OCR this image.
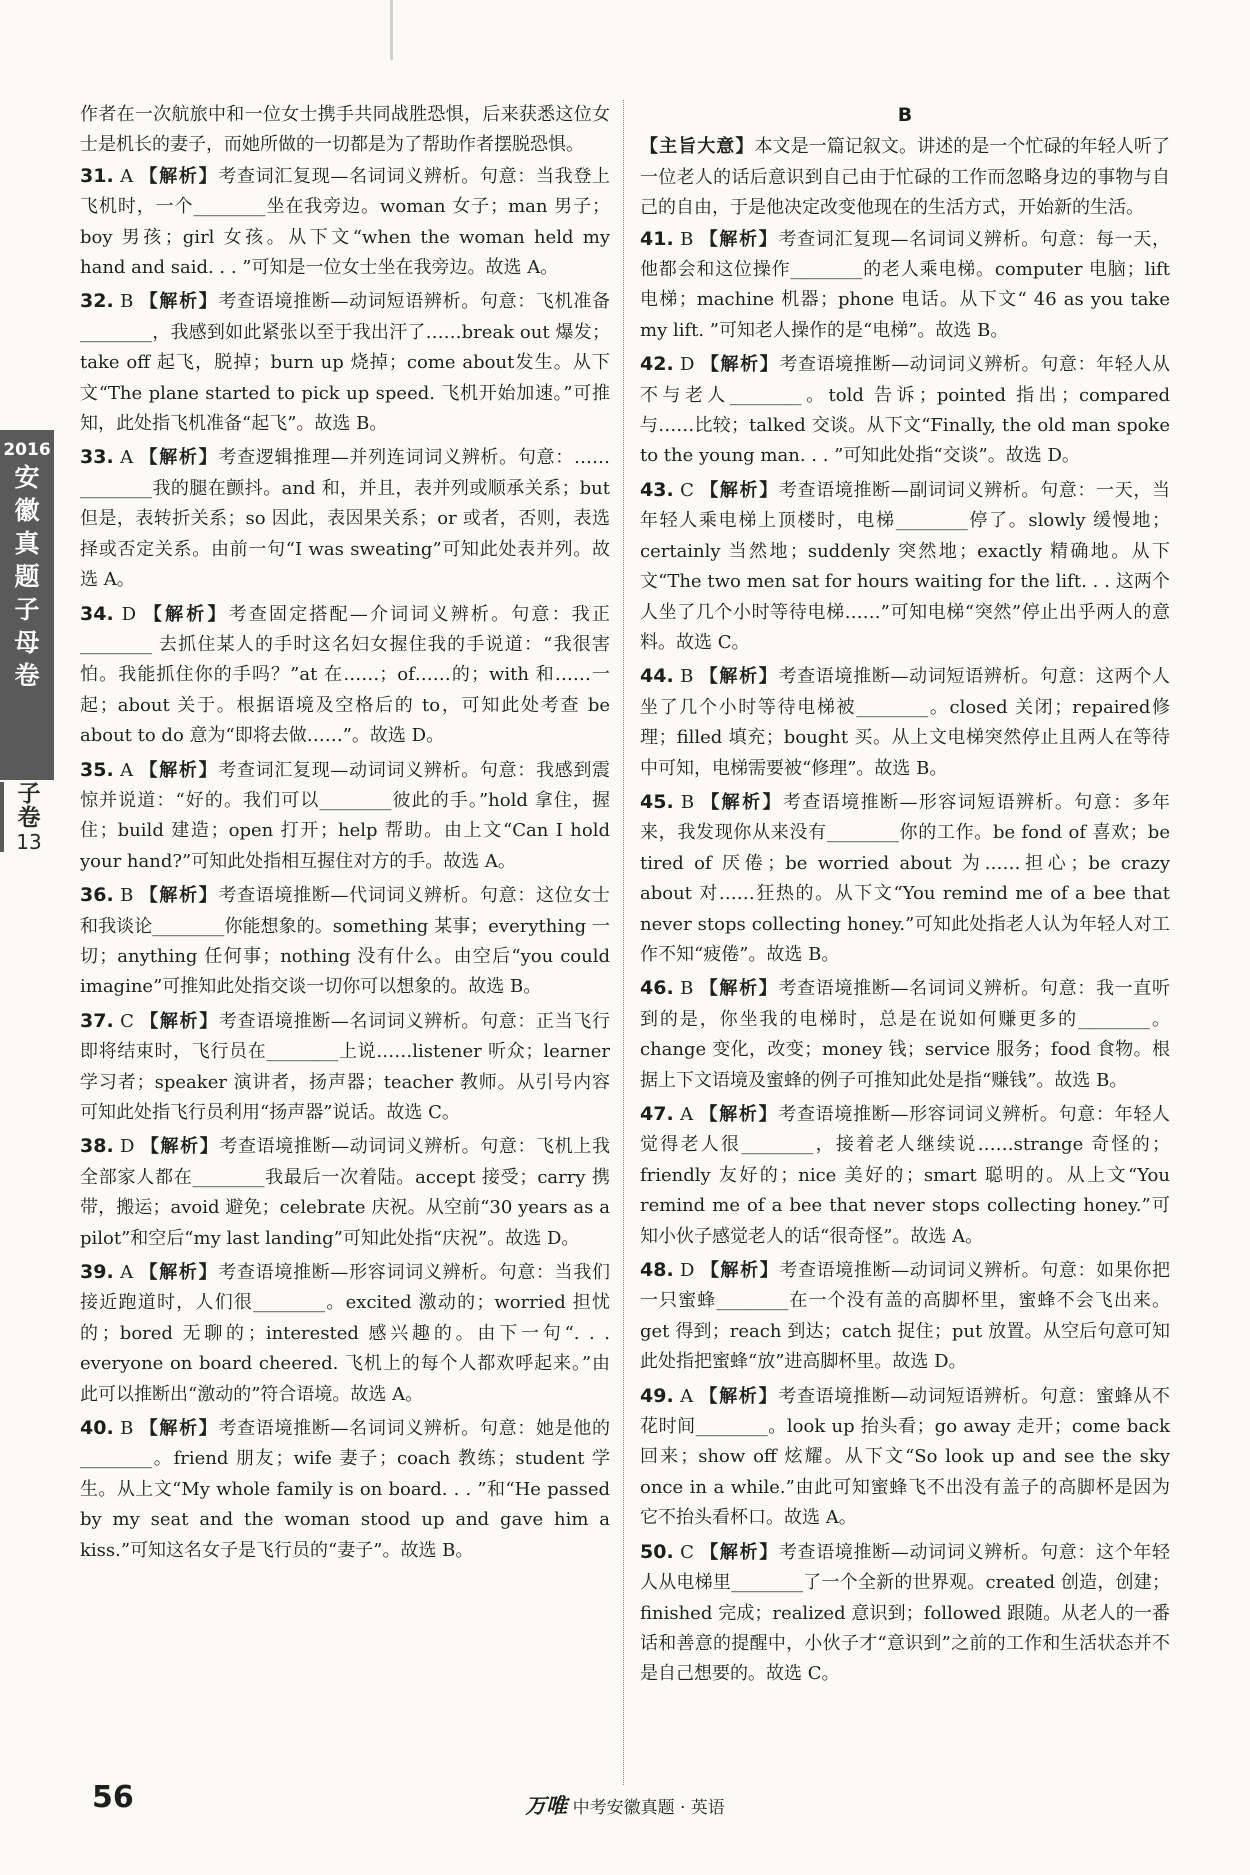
2016
安
徽
真
题
子
母
卷
子
卷
13
作者在一次航旅中和一位女士携手共同战胜恐惧，后来获悉这位女士是机长的妻子，而她所做的一切都是为了帮助作者摆脱恐惧。
31. A 【解析】考查词汇复现—名词词义辨析。句意：当我登上飞机时，一个________坐在我旁边。woman 女子；man 男子；boy 男孩；girl 女孩。从下文“when the woman held my hand and said. . . ”可知是一位女士坐在我旁边。故选 A。
32. B 【解析】考查语境推断—动词短语辨析。句意：飞机准备________，我感到如此紧张以至于我出汗了……break out 爆发；take off 起飞，脱掉；burn up 烧掉；come about发生。从下文“The plane started to pick up speed. 飞机开始加速。”可推知，此处指飞机准备“起飞”。故选 B。
33. A 【解析】考查逻辑推理—并列连词词义辨析。句意：……________我的腿在颤抖。and 和，并且，表并列或顺承关系；but 但是，表转折关系；so 因此，表因果关系；or 或者，否则，表选择或否定关系。由前一句“I was sweating”可知此处表并列。故选 A。
34. D 【解析】考查固定搭配—介词词义辨析。句意：我正________ 去抓住某人的手时这名妇女握住我的手说道：“我很害怕。我能抓住你的手吗？”at 在……；of……的；with 和……一起；about 关于。根据语境及空格后的 to，可知此处考查 be about to do 意为“即将去做……”。故选 D。
35. A 【解析】考查词汇复现—动词词义辨析。句意：我感到震惊并说道：“好的。我们可以________彼此的手。”hold 拿住，握住；build 建造；open 打开；help 帮助。由上文“Can I hold your hand?”可知此处指相互握住对方的手。故选 A。
36. B 【解析】考查语境推断—代词词义辨析。句意：这位女士和我谈论________你能想象的。something 某事；everything 一切；anything 任何事；nothing 没有什么。由空后“you could imagine”可推知此处指交谈一切你可以想象的。故选 B。
37. C 【解析】考查语境推断—名词词义辨析。句意：正当飞行即将结束时，飞行员在________上说……listener 听众；learner 学习者；speaker 演讲者，扬声器；teacher 教师。从引号内容可知此处指飞行员利用“扬声器”说话。故选 C。
38. D 【解析】考查语境推断—动词词义辨析。句意：飞机上我全部家人都在________我最后一次着陆。accept 接受；carry 携带，搬运；avoid 避免；celebrate 庆祝。从空前“30 years as a pilot”和空后“my last landing”可知此处指“庆祝”。故选 D。
39. A 【解析】考查语境推断—形容词词义辨析。句意：当我们接近跑道时，人们很________。excited 激动的；worried 担忧的；bored 无聊的；interested 感兴趣的。由下一句“. . . everyone on board cheered. 飞机上的每个人都欢呼起来。”由此可以推断出“激动的”符合语境。故选 A。
40. B 【解析】考查语境推断—名词词义辨析。句意：她是他的________。friend 朋友；wife 妻子；coach 教练；student 学生。从上文“My whole family is on board. . . ”和“He passed by my seat and the woman stood up and gave him a kiss.”可知这名女子是飞行员的“妻子”。故选 B。
B
【主旨大意】本文是一篇记叙文。讲述的是一个忙碌的年轻人听了一位老人的话后意识到自己由于忙碌的工作而忽略身边的事物与自己的自由，于是他决定改变他现在的生活方式，开始新的生活。
41. B 【解析】考查词汇复现—名词词义辨析。句意：每一天，他都会和这位操作________的老人乘电梯。computer 电脑；lift 电梯；machine 机器；phone 电话。从下文“ 46 as you take my lift. ”可知老人操作的是“电梯”。故选 B。
42. D 【解析】考查语境推断—动词词义辨析。句意：年轻人从不与老人________。told 告诉；pointed 指出；compared 与……比较；talked 交谈。从下文“Finally, the old man spoke to the young man. . . ”可知此处指“交谈”。故选 D。
43. C 【解析】考查语境推断—副词词义辨析。句意：一天，当年轻人乘电梯上顶楼时，电梯________停了。slowly 缓慢地；certainly 当然地；suddenly 突然地；exactly 精确地。从下文“The two men sat for hours waiting for the lift. . . 这两个人坐了几个小时等待电梯……”可知电梯“突然”停止出乎两人的意料。故选 C。
44. B 【解析】考查语境推断—动词短语辨析。句意：这两个人坐了几个小时等待电梯被________。closed 关闭；repaired修理；filled 填充；bought 买。从上文电梯突然停止且两人在等待中可知，电梯需要被“修理”。故选 B。
45. B 【解析】考查语境推断—形容词短语辨析。句意：多年来，我发现你从来没有________你的工作。be fond of 喜欢；be tired of 厌倦；be worried about 为……担心；be crazy about 对……狂热的。从下文“You remind me of a bee that never stops collecting honey.”可知此处指老人认为年轻人对工作不知“疲倦”。故选 B。
46. B 【解析】考查语境推断—名词词义辨析。句意：我一直听到的是，你坐我的电梯时，总是在说如何赚更多的________。change 变化，改变；money 钱；service 服务；food 食物。根据上下文语境及蜜蜂的例子可推知此处是指“赚钱”。故选 B。
47. A 【解析】考查语境推断—形容词词义辨析。句意：年轻人觉得老人很________，接着老人继续说……strange 奇怪的；friendly 友好的；nice 美好的；smart 聪明的。从上文“You remind me of a bee that never stops collecting honey.”可知小伙子感觉老人的话“很奇怪”。故选 A。
48. D 【解析】考查语境推断—动词词义辨析。句意：如果你把一只蜜蜂________在一个没有盖的高脚杯里，蜜蜂不会飞出来。get 得到；reach 到达；catch 捉住；put 放置。从空后句意可知此处指把蜜蜂“放”进高脚杯里。故选 D。
49. A 【解析】考查语境推断—动词短语辨析。句意：蜜蜂从不花时间________。look up 抬头看；go away 走开；come back 回来；show off 炫耀。从下文“So look up and see the sky once in a while.”由此可知蜜蜂飞不出没有盖子的高脚杯是因为它不抬头看杯口。故选 A。
50. C 【解析】考查语境推断—动词词义辨析。句意：这个年轻人从电梯里________了一个全新的世界观。created 创造，创建；finished 完成；realized 意识到；followed 跟随。从老人的一番话和善意的提醒中，小伙子才“意识到”之前的工作和生活状态并不是自己想要的。故选 C。
56	万唯 中考安徽真题 · 英语
